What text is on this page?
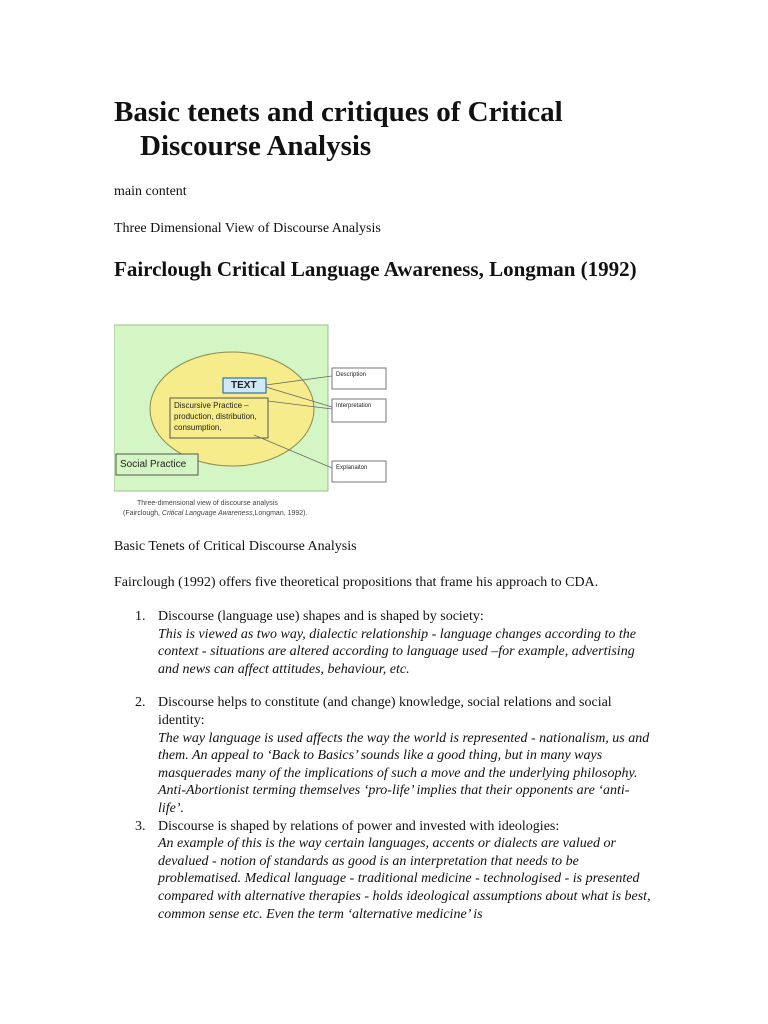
Basic tenets and critiques of Critical Discourse Analysis

main content

Three Dimensional View of Discourse Analysis

Fairclough Critical Language Awareness, Longman (1992)
TEXT
Discursive Practice –
production, distribution,
consumption,
Social Practice
Description
Interpretation
Explanaiton
Three-dimensional view of discourse analysis
(Fairclough, Critical Language Awareness,Longman, 1992).

Basic Tenets of Critical Discourse Analysis

Fairclough (1992) offers five theoretical propositions that frame his approach to CDA.

1. Discourse (language use) shapes and is shaped by society:
This is viewed as two way, dialectic relationship - language changes according to the context - situations are altered according to language used –for example, advertising and news can affect attitudes, behaviour, etc.
2. Discourse helps to constitute (and change) knowledge, social relations and social identity:
The way language is used affects the way the world is represented - nationalism, us and them. An appeal to ‘Back to Basics’ sounds like a good thing, but in many ways masquerades many of the implications of such a move and the underlying philosophy. Anti-Abortionist terming themselves ‘pro-life’ implies that their opponents are ‘anti-life’.
3. Discourse is shaped by relations of power and invested with ideologies:
An example of this is the way certain languages, accents or dialects are valued or devalued - notion of standards as good is an interpretation that needs to be problematised. Medical language - traditional medicine - technologised - is presented compared with alternative therapies - holds ideological assumptions about what is best, common sense etc. Even the term ‘alternative medicine’ is
